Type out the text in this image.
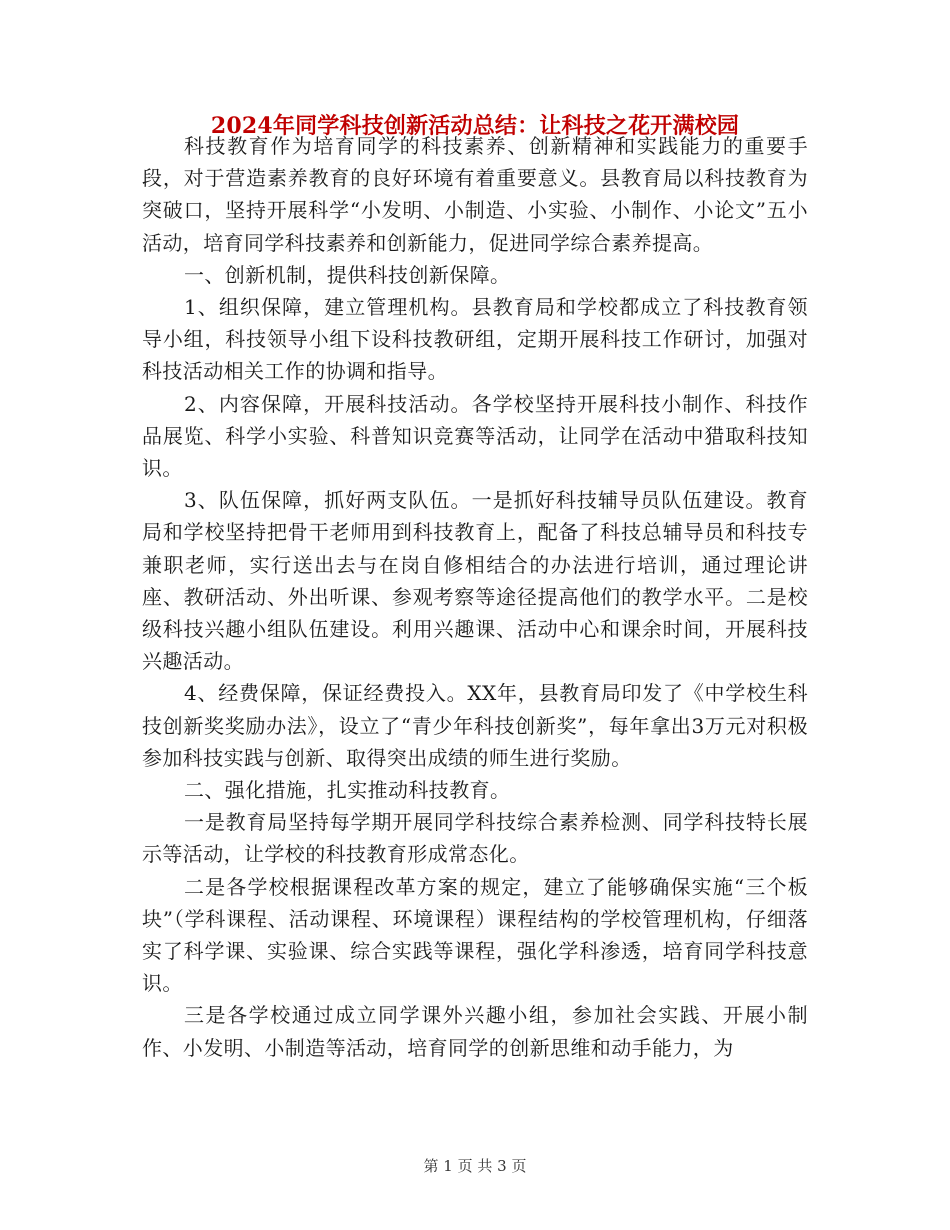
2024年同学科技创新活动总结：让科技之花开满校园

科技教育作为培育同学的科技素养、创新精神和实践能力的重要手段，对于营造素养教育的良好环境有着重要意义。县教育局以科技教育为突破口，坚持开展科学“小发明、小制造、小实验、小制作、小论文”五小活动，培育同学科技素养和创新能力，促进同学综合素养提高。

一、创新机制，提供科技创新保障。

1、组织保障，建立管理机构。县教育局和学校都成立了科技教育领导小组，科技领导小组下设科技教研组，定期开展科技工作研讨，加强对科技活动相关工作的协调和指导。

2、内容保障，开展科技活动。各学校坚持开展科技小制作、科技作品展览、科学小实验、科普知识竞赛等活动，让同学在活动中猎取科技知识。

3、队伍保障，抓好两支队伍。一是抓好科技辅导员队伍建设。教育局和学校坚持把骨干老师用到科技教育上，配备了科技总辅导员和科技专兼职老师，实行送出去与在岗自修相结合的办法进行培训，通过理论讲座、教研活动、外出听课、参观考察等途径提高他们的教学水平。二是校级科技兴趣小组队伍建设。利用兴趣课、活动中心和课余时间，开展科技兴趣活动。

4、经费保障，保证经费投入。XX年，县教育局印发了《中学校生科技创新奖奖励办法》，设立了“青少年科技创新奖”，每年拿出3万元对积极参加科技实践与创新、取得突出成绩的师生进行奖励。

二、强化措施，扎实推动科技教育。

一是教育局坚持每学期开展同学科技综合素养检测、同学科技特长展示等活动，让学校的科技教育形成常态化。

二是各学校根据课程改革方案的规定，建立了能够确保实施“三个板块”（学科课程、活动课程、环境课程）课程结构的学校管理机构，仔细落实了科学课、实验课、综合实践等课程，强化学科渗透，培育同学科技意识。

三是各学校通过成立同学课外兴趣小组，参加社会实践、开展小制作、小发明、小制造等活动，培育同学的创新思维和动手能力，为

第 1 页 共 3 页
